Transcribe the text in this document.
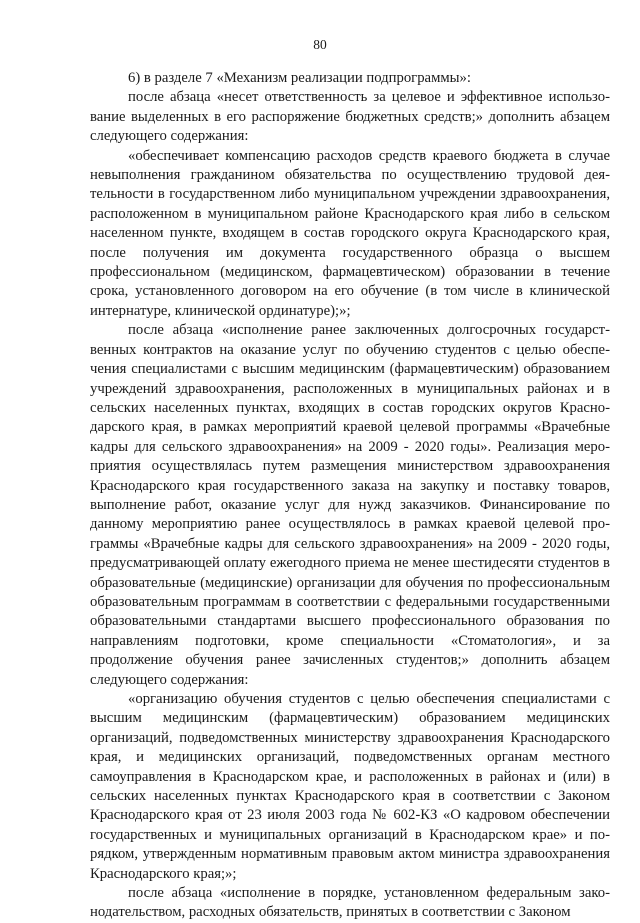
80

6) в разделе 7 «Механизм реализации подпрограммы»:

после абзаца «несет ответственность за целевое и эффективное использование выделенных в его распоряжение бюджетных средств;» дополнить абзацем следующего содержания:

«обеспечивает компенсацию расходов средств краевого бюджета в случае невыполнения гражданином обязательства по осуществлению трудовой деятельности в государственном либо муниципальном учреждении здравоохранения, расположенном в муниципальном районе Краснодарского края либо в сельском населенном пункте, входящем в состав городского округа Краснодарского края, после получения им документа государственного образца о высшем профессиональном (медицинском, фармацевтическом) образовании в течение срока, установленного договором на его обучение (в том числе в клинической интернатуре, клинической ординатуре);»;

после абзаца «исполнение ранее заключенных долгосрочных государственных контрактов на оказание услуг по обучению студентов с целью обеспечения специалистами с высшим медицинским (фармацевтическим) образованием учреждений здравоохранения, расположенных в муниципальных районах и в сельских населенных пунктах, входящих в состав городских округов Краснодарского края, в рамках мероприятий краевой целевой программы «Врачебные кадры для сельского здравоохранения» на 2009 - 2020 годы». Реализация мероприятия осуществлялась путем размещения министерством здравоохранения Краснодарского края государственного заказа на закупку и поставку товаров, выполнение работ, оказание услуг для нужд заказчиков. Финансирование по данному мероприятию ранее осуществлялось в рамках краевой целевой программы «Врачебные кадры для сельского здравоохранения» на 2009 - 2020 годы, предусматривающей оплату ежегодного приема не менее шестидесяти студентов в образовательные (медицинские) организации для обучения по профессиональным образовательным программам в соответствии с федеральными государственными образовательными стандартами высшего профессионального образования по направлениям подготовки, кроме специальности «Стоматология», и за продолжение обучения ранее зачисленных студентов;» дополнить абзацем следующего содержания:

«организацию обучения студентов с целью обеспечения специалистами с высшим медицинским (фармацевтическим) образованием медицинских организаций, подведомственных министерству здравоохранения Краснодарского края, и медицинских организаций, подведомственных органам местного самоуправления в Краснодарском крае, и расположенных в районах и (или) в сельских населенных пунктах Краснодарского края в соответствии с Законом Краснодарского края от 23 июля 2003 года № 602-КЗ «О кадровом обеспечении государственных и муниципальных организаций в Краснодарском крае» и порядком, утвержденным нормативным правовым актом министра здравоохранения Краснодарского края;»;

после абзаца «исполнение в порядке, установленном федеральным законодательством, расходных обязательств, принятых в соответствии с Законом
